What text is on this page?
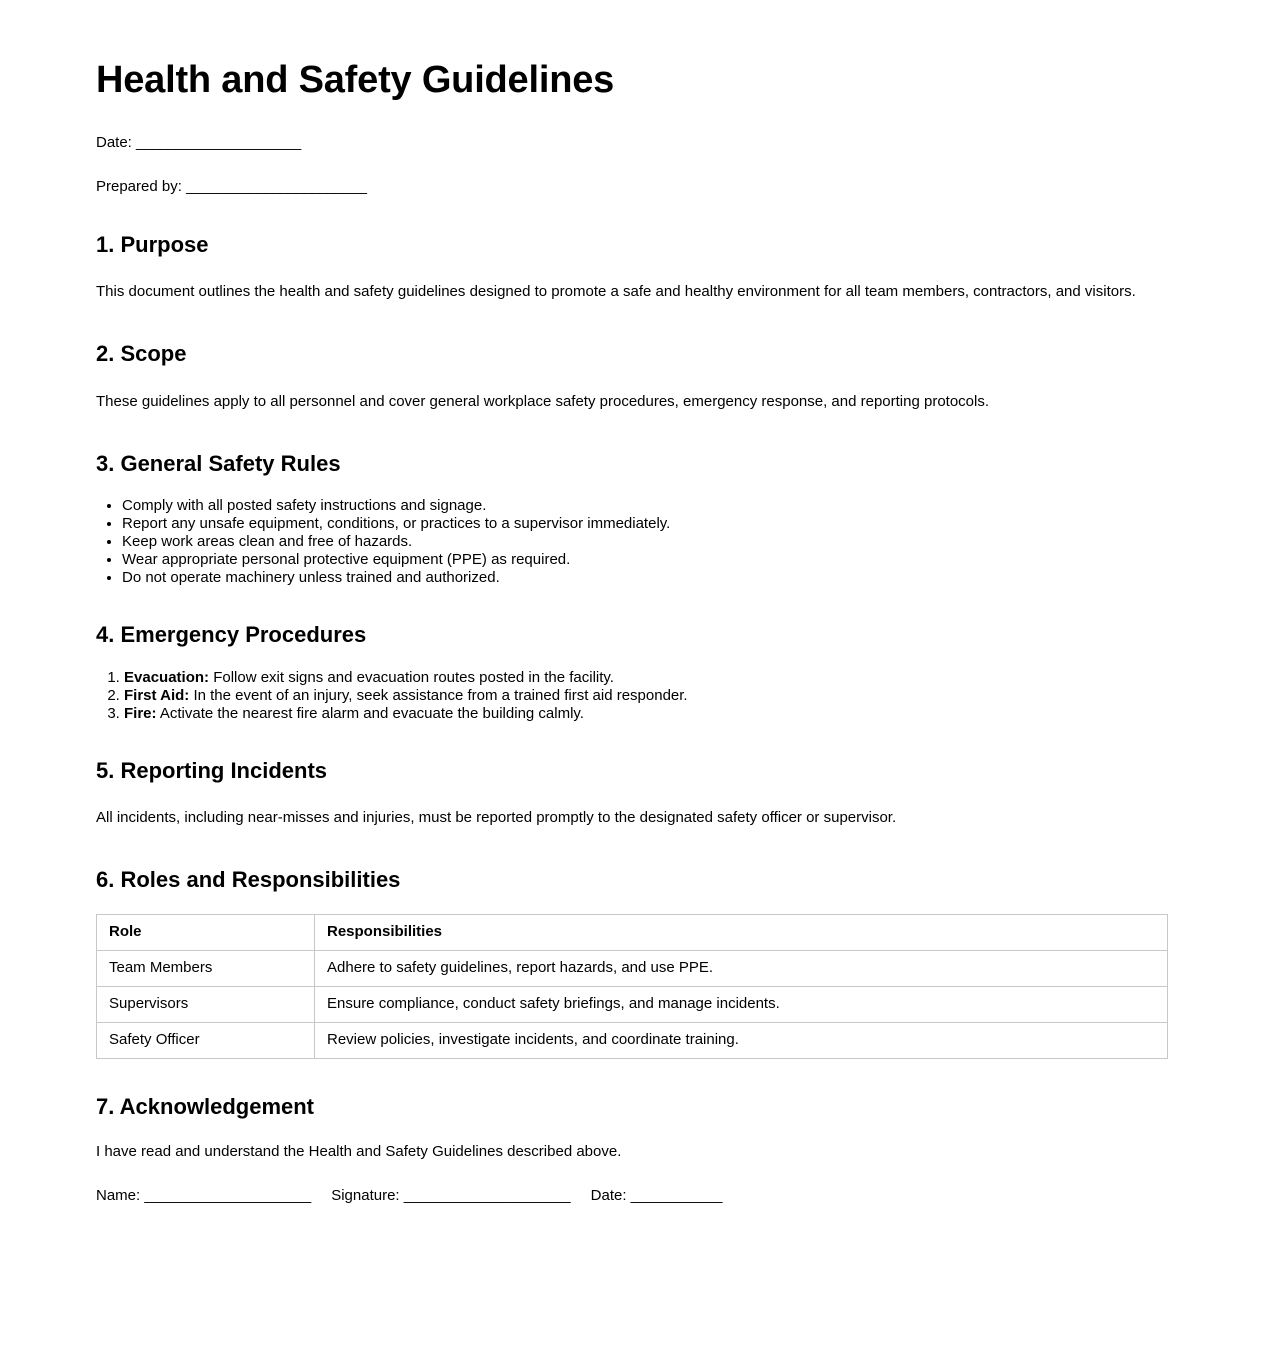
Health and Safety Guidelines
Date: _____________________
Prepared by: _______________________
1. Purpose

This document outlines the health and safety guidelines designed to promote a safe and healthy environment for all team members, contractors, and visitors.

2. Scope

These guidelines apply to all personnel and cover general workplace safety procedures, emergency response, and reporting protocols.

3. General Safety Rules
• Comply with all posted safety instructions and signage.
• Report any unsafe equipment, conditions, or practices to a supervisor immediately.
• Keep work areas clean and free of hazards.
• Wear appropriate personal protective equipment (PPE) as required.
• Do not operate machinery unless trained and authorized.
4. Emergency Procedures
1. Evacuation: Follow exit signs and evacuation routes posted in the facility.
2. First Aid: In the event of an injury, seek assistance from a trained first aid responder.
3. Fire: Activate the nearest fire alarm and evacuate the building calmly.
5. Reporting Incidents

All incidents, including near-misses and injuries, must be reported promptly to the designated safety officer or supervisor.

6. Roles and Responsibilities
Role	Responsibilities
Team Members	Adhere to safety guidelines, report hazards, and use PPE.
Supervisors	Ensure compliance, conduct safety briefings, and manage incidents.
Safety Officer	Review policies, investigate incidents, and coordinate training.
7. Acknowledgement

I have read and understand the Health and Safety Guidelines described above.

Name: ____________________ Signature: ____________________ Date: ___________
